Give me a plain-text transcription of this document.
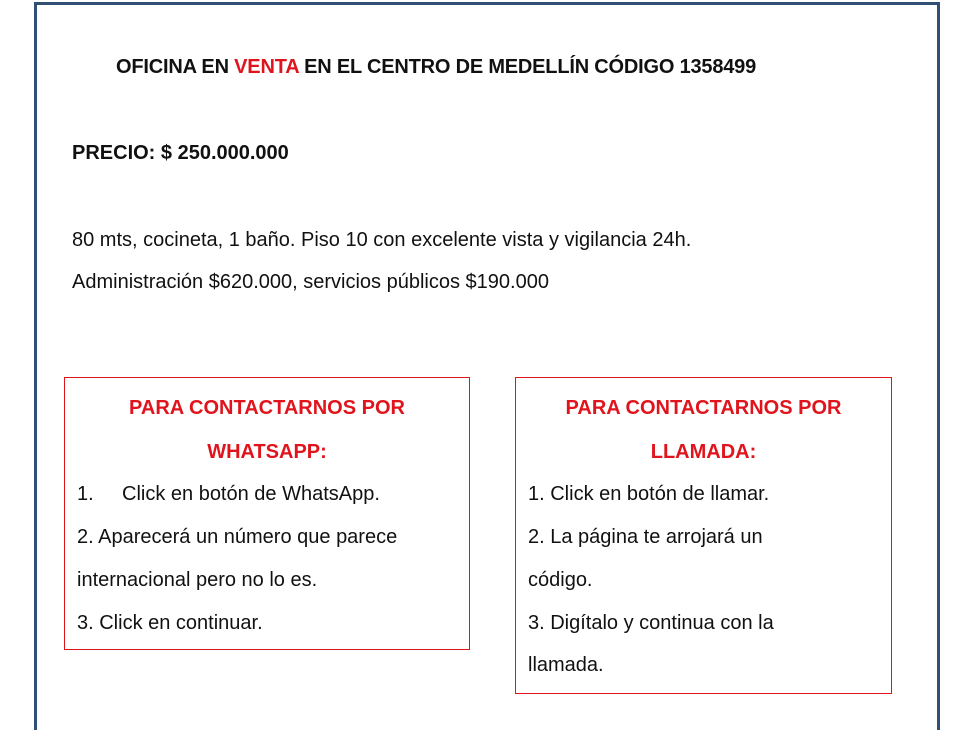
OFICINA EN VENTA EN EL CENTRO DE MEDELLÍN CÓDIGO 1358499
PRECIO: $ 250.000.000
80 mts, cocineta, 1 baño. Piso 10 con excelente vista y vigilancia 24h.
Administración $620.000, servicios públicos $190.000
PARA CONTACTARNOS POR
WHATSAPP:
1. Click en botón de WhatsApp.
2. Aparecerá un número que parece
internacional pero no lo es.
3. Click en continuar.
PARA CONTACTARNOS POR
LLAMADA:
1. Click en botón de llamar.
2. La página te arrojará un
código.
3. Digítalo y continua con la
llamada.
